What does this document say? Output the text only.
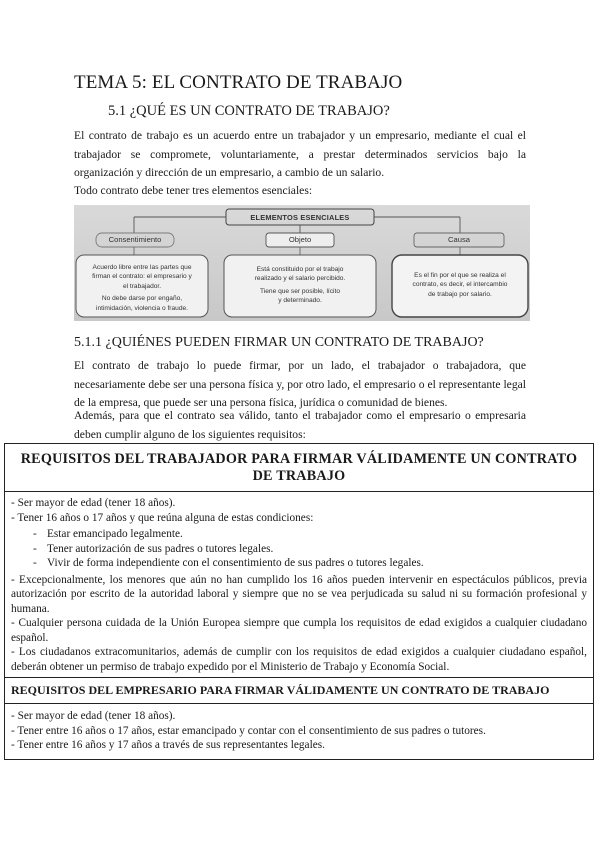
TEMA 5: EL CONTRATO DE TRABAJO
5.1 ¿QUÉ ES UN CONTRATO DE TRABAJO?
El contrato de trabajo es un acuerdo entre un trabajador y un empresario, mediante el cual el trabajador se compromete, voluntariamente, a prestar determinados servicios bajo la organización y dirección de un empresario, a cambio de un salario.
Todo contrato debe tener tres elementos esenciales:
ELEMENTOS ESENCIALES
Consentimiento	Objeto	Causa
Acuerdo libre entre las partes que
firman el contrato: el empresario y
el trabajador.
No debe darse por engaño,
intimidación, violencia o fraude.
Está constituido por el trabajo
realizado y el salario percibido.
Tiene que ser posible, lícito
y determinado.
Es el fin por el que se realiza el
contrato, es decir, el intercambio
de trabajo por salario.
5.1.1 ¿QUIÉNES PUEDEN FIRMAR UN CONTRATO DE TRABAJO?
El contrato de trabajo lo puede firmar, por un lado, el trabajador o trabajadora, que necesariamente debe ser una persona física y, por otro lado, el empresario o el representante legal de la empresa, que puede ser una persona física, jurídica o comunidad de bienes.
Además, para que el contrato sea válido, tanto el trabajador como el empresario o empresaria deben cumplir alguno de los siguientes requisitos:
REQUISITOS DEL TRABAJADOR PARA FIRMAR VÁLIDAMENTE UN CONTRATO DE TRABAJO
- Ser mayor de edad (tener 18 años).
- Tener 16 años o 17 años y que reúna alguna de estas condiciones:
- Estar emancipado legalmente.
- Tener autorización de sus padres o tutores legales.
- Vivir de forma independiente con el consentimiento de sus padres o tutores legales.
- Excepcionalmente, los menores que aún no han cumplido los 16 años pueden intervenir en espectáculos públicos, previa autorización por escrito de la autoridad laboral y siempre que no se vea perjudicada su salud ni su formación profesional y humana.
- Cualquier persona cuidada de la Unión Europea siempre que cumpla los requisitos de edad exigidos a cualquier ciudadano español.
- Los ciudadanos extracomunitarios, además de cumplir con los requisitos de edad exigidos a cualquier ciudadano español, deberán obtener un permiso de trabajo expedido por el Ministerio de Trabajo y Economía Social.
REQUISITOS DEL EMPRESARIO PARA FIRMAR VÁLIDAMENTE UN CONTRATO DE TRABAJO
- Ser mayor de edad (tener 18 años).
- Tener entre 16 años o 17 años, estar emancipado y contar con el consentimiento de sus padres o tutores.
- Tener entre 16 años y 17 años a través de sus representantes legales.
